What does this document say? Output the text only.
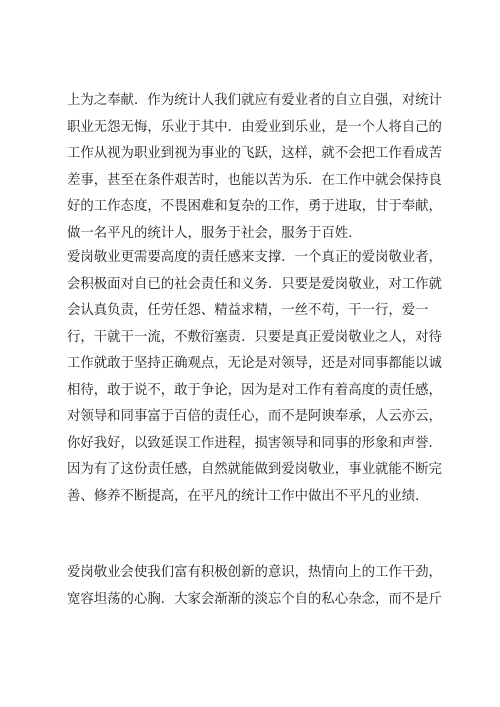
上为之奉献．作为统计人我们就应有爱业者的自立自强，对统计
职业无怨无悔，乐业于其中．由爱业到乐业，是一个人将自己的
工作从视为职业到视为事业的飞跃，这样，就不会把工作看成苦
差事，甚至在条件艰苦时，也能以苦为乐．在工作中就会保持良
好的工作态度，不畏困难和复杂的工作，勇于进取，甘于奉献，
做一名平凡的统计人，服务于社会，服务于百姓．
爱岗敬业更需要高度的责任感来支撑．一个真正的爱岗敬业者，
会积极面对自已的社会责任和义务．只要是爱岗敬业，对工作就
会认真负责，任劳任怨、精益求精，一丝不苟，干一行，爱一
行，干就干一流，不敷衍塞责．只要是真正爱岗敬业之人，对待
工作就敢于坚持正确观点，无论是对领导，还是对同事都能以诚
相待，敢于说不，敢于争论，因为是对工作有着高度的责任感，
对领导和同事富于百倍的责任心，而不是阿谀奉承，人云亦云，
你好我好，以致延误工作进程，损害领导和同事的形象和声誉．
因为有了这份责任感，自然就能做到爱岗敬业，事业就能不断完
善、修养不断提高，在平凡的统计工作中做出不平凡的业绩．
爱岗敬业会使我们富有积极创新的意识，热情向上的工作干劲，
宽容坦荡的心胸．大家会渐渐的淡忘个自的私心杂念，而不是斤
